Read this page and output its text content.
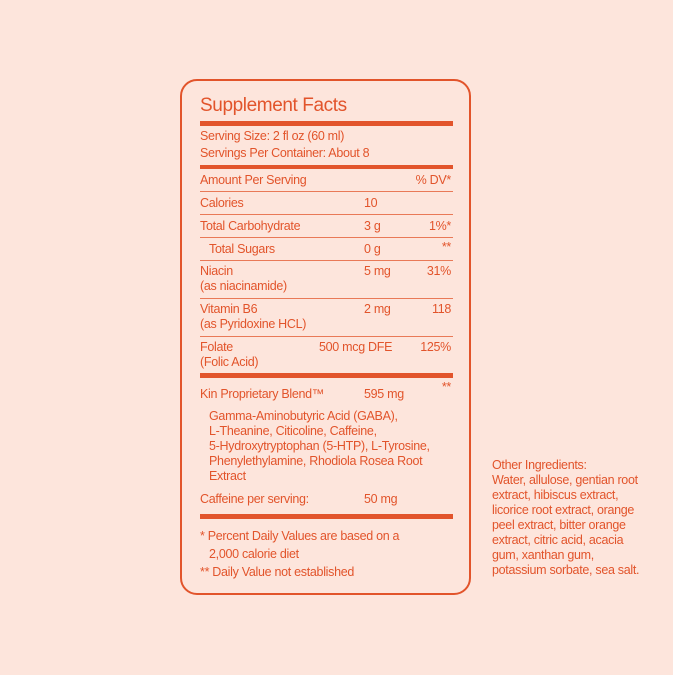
Supplement Facts
Serving Size: 2 fl oz (60 ml)
Servings Per Container: About 8
Amount Per Serving	% DV*
Calories	10
Total Carbohydrate	3 g	1%*
Total Sugars	0 g	**
Niacin
(as niacinamide)
5 mg	31%
Vitamin B6
(as Pyridoxine HCL)
2 mg	118
Folate
(Folic Acid)
500 mcg DFE 125%
Kin Proprietary Blend™	595 mg	**
Gamma-Aminobutyric Acid (GABA),
L-Theanine, Citicoline, Caffeine,
5-Hydroxytryptophan (5-HTP), L-Tyrosine,
Phenylethylamine, Rhodiola Rosea Root
Extract
Caffeine per serving:	50 mg
* Percent Daily Values are based on a
2,000 calorie diet
** Daily Value not established
Other Ingredients:
Water, allulose, gentian root
extract, hibiscus extract,
licorice root extract, orange
peel extract, bitter orange
extract, citric acid, acacia
gum, xanthan gum,
potassium sorbate, sea salt.
